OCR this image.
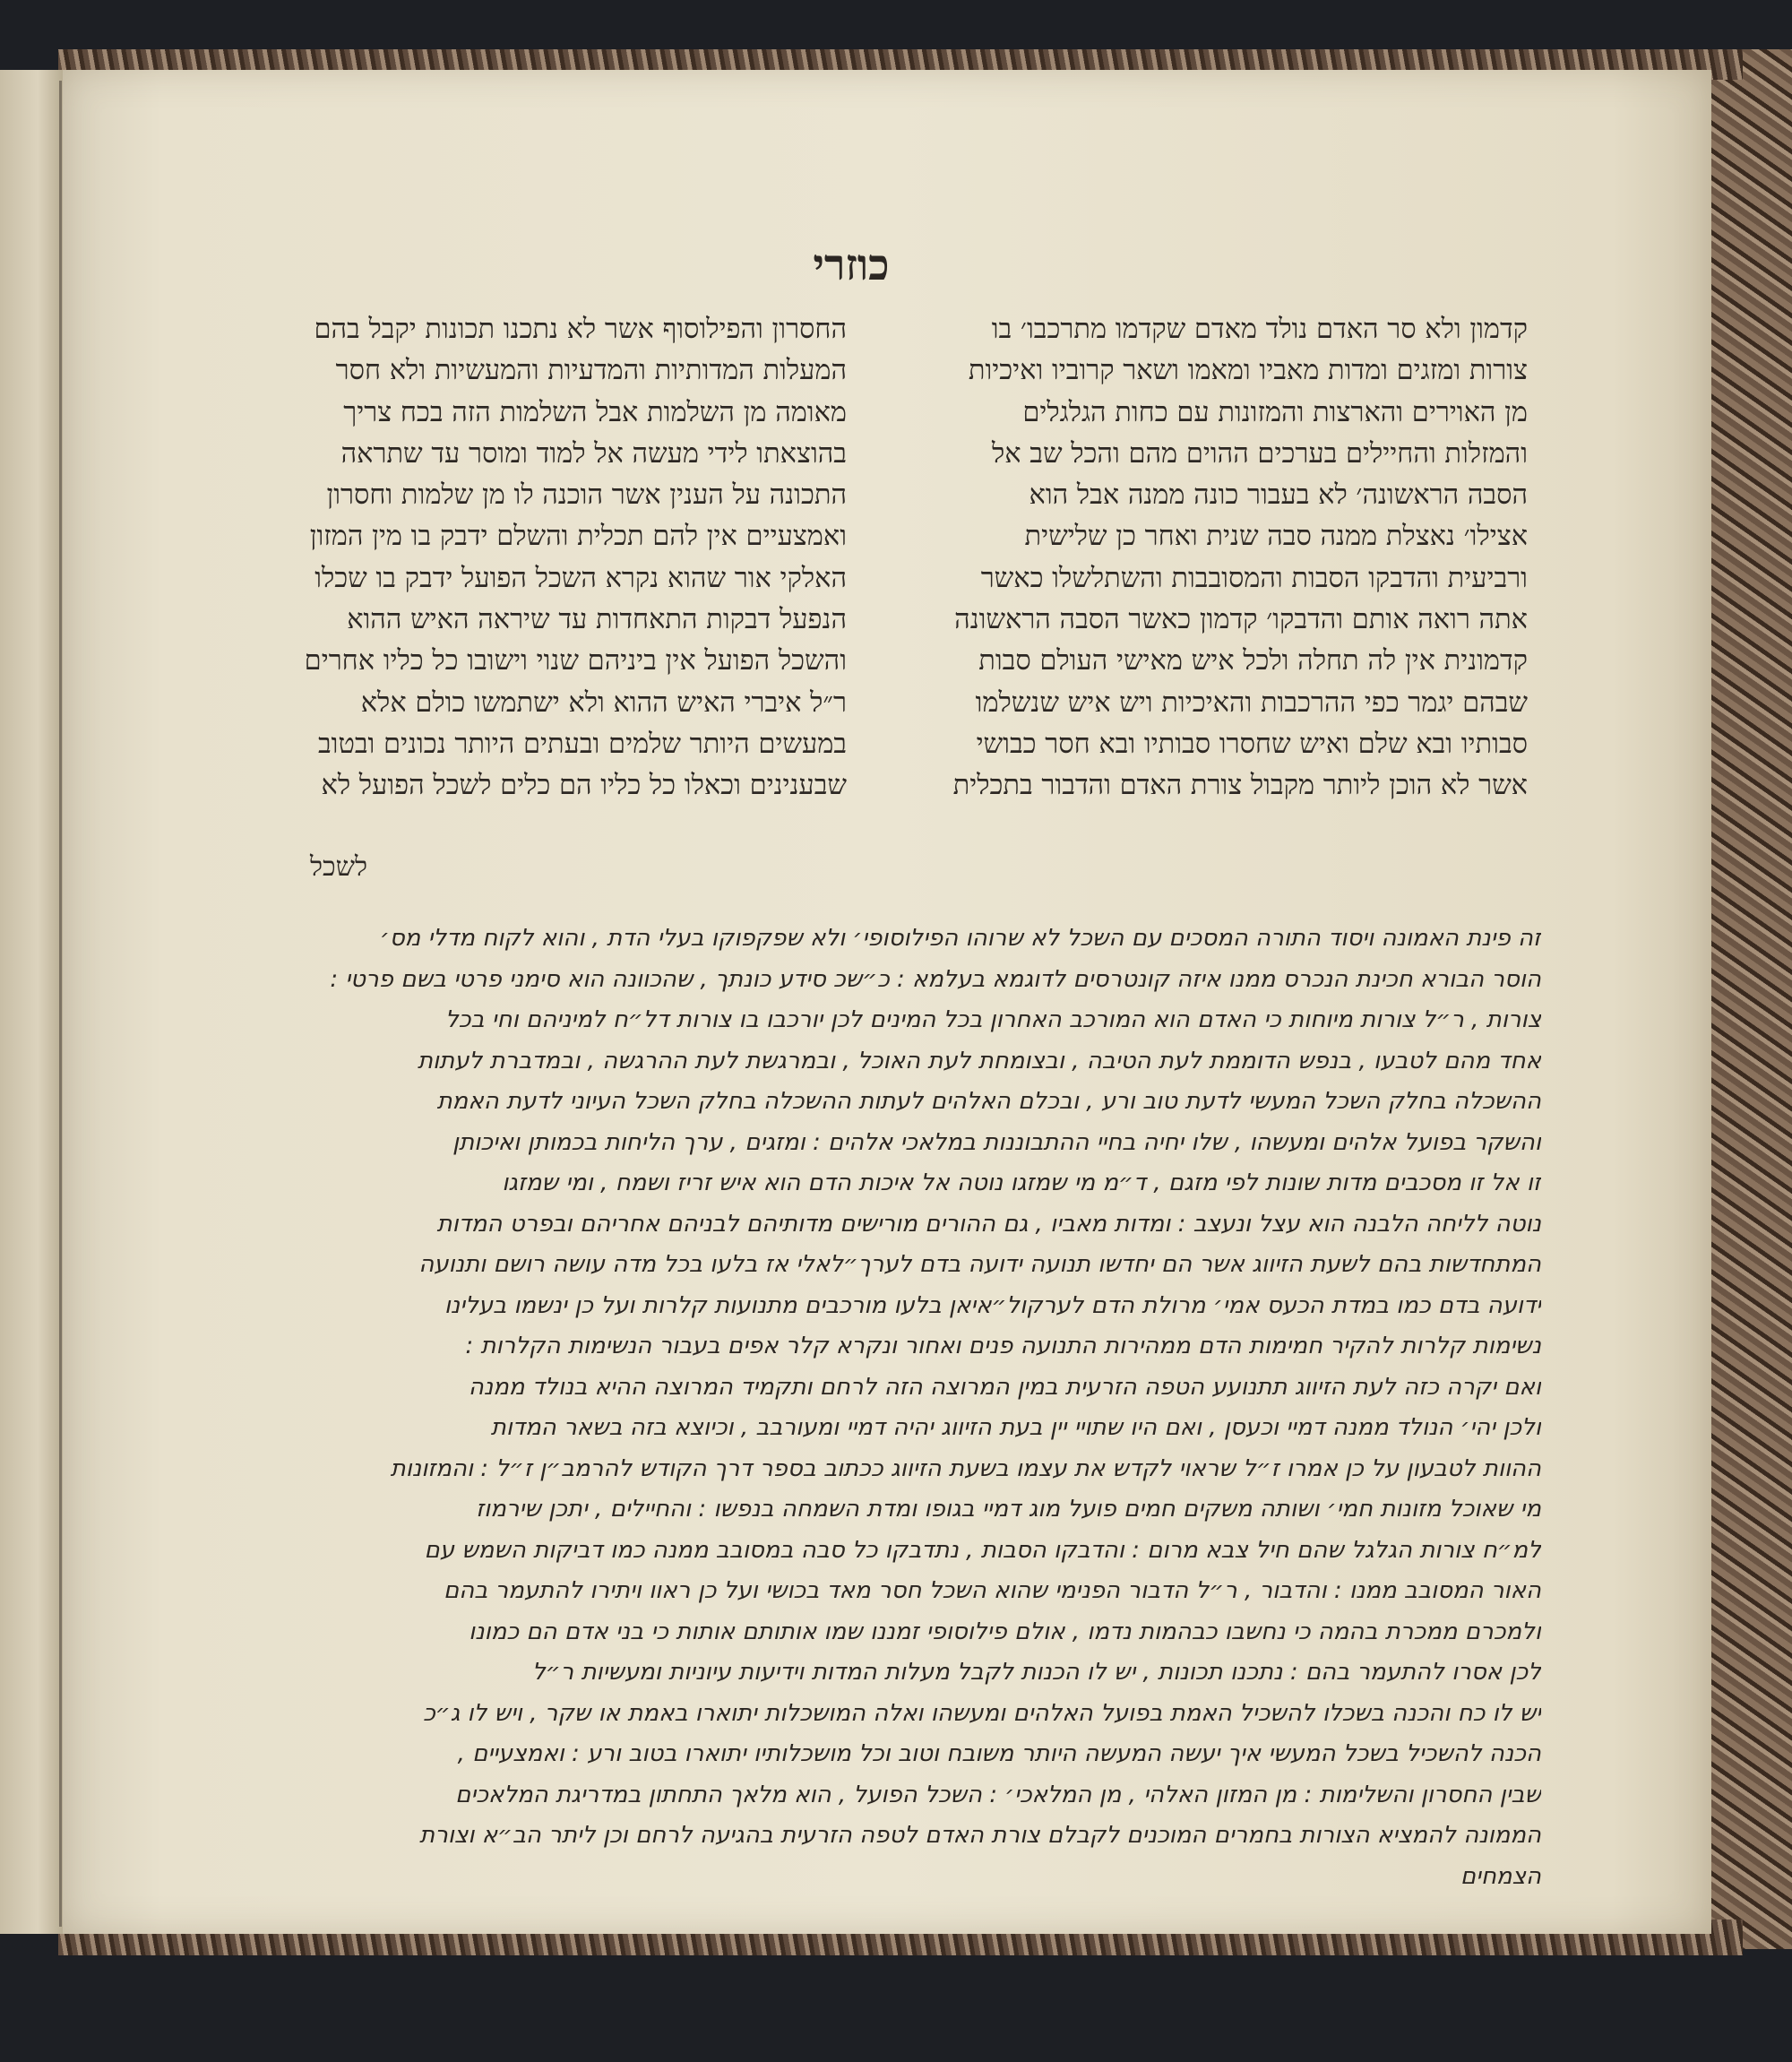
כוזרי

קדמון ולא סר האדם נולד מאדם שקדמו מתרכבו׳ בו

צורות ומזגים ומדות מאביו ומאמו ושאר קרוביו ואיכיות

מן האוירים והארצות והמזונות עם כחות הגלגלים

והמזלות והחיילים בערכים ההוים מהם והכל שב אל

הסבה הראשונה׳ לא בעבור כונה ממנה אבל הוא

אצילו׳ נאצלת ממנה סבה שנית ואחר כן שלישית

ורביעית והדבקו הסבות והמסובבות והשתלשלו כאשר

אתה רואה אותם והדבקו׳ קדמון כאשר הסבה הראשונה

קדמונית אין לה תחלה ולכל איש מאישי העולם סבות

שבהם יגמר כפי ההרכבות והאיכיות ויש איש שנשלמו

סבותיו ובא שלם ואיש שחסרו סבותיו ובא חסר כבושי

אשר לא הוכן ליותר מקבול צורת האדם והדבור בתכלית

החסרון והפילוסוף אשר לא נתכנו תכונות יקבל בהם

המעלות המדותיות והמדעיות והמעשיות ולא חסר

מאומה מן השלמות אבל השלמות הזה בכח צריך

בהוצאתו לידי מעשה אל למוד ומוסר עד שתראה

התכונה על הענין אשר הוכנה לו מן שלמות וחסרון

ואמצעיים אין להם תכלית והשלם ידבק בו מין המזון

האלקי אור שהוא נקרא השכל הפועל ידבק בו שכלו

הנפעל דבקות התאחדות עד שיראה האיש ההוא

והשכל הפועל אין ביניהם שנוי וישובו כל כליו אחרים

ר״ל איברי האיש ההוא ולא ישתמשו כולם אלא

במעשים היותר שלמים ובעתים היותר נכונים ובטוב

שבענינים וכאלו כל כליו הם כלים לשכל הפועל לא

לשכל

זה פינת האמונה ויסוד התורה המסכים עם השכל לא שרוהו הפילוסופי׳ ולא שפקפוקו בעלי הדת , והוא לקוח מדלי מס׳

הוסר הבורא חכינת הנכרס ממנו איזה קונטרסים לדוגמא בעלמא : כ״שכ סידע כונתך , שהכוונה הוא סימני פרטי בשם פרטי :

צורות , ר״ל צורות מיוחות כי האדם הוא המורכב האחרון בכל המינים לכן יורכבו בו צורות דל״ח למיניהם וחי בכל

אחד מהם לטבעו , בנפש הדוממת לעת הטיבה , ובצומחת לעת האוכל , ובמרגשת לעת ההרגשה , ובמדברת לעתות

ההשכלה בחלק השכל המעשי לדעת טוב ורע , ובכלם האלהים לעתות ההשכלה בחלק השכל העיוני לדעת האמת

והשקר בפועל אלהים ומעשהו , שלו יחיה בחיי ההתבוננות במלאכי אלהים : ומזגים , ערך הליחות בכמותן ואיכותן

זו אל זו מסכבים מדות שונות לפי מזגם , ד״מ מי שמזגו נוטה אל איכות הדם הוא איש זריז ושמח , ומי שמזגו

נוטה לליחה הלבנה הוא עצל ונעצב : ומדות מאביו , גם ההורים מורישים מדותיהם לבניהם אחריהם ובפרט המדות

המתחדשות בהם לשעת הזיווג אשר הם יחדשו תנועה ידועה בדם לערך״לאלי אז בלעו בכל מדה עושה רושם ותנועה

ידועה בדם כמו במדת הכעס אמי׳ מרולת הדם לערקול״איאן בלעו מורכבים מתנועות קלרות ועל כן ינשמו בעלינו

נשימות קלרות להקיר חמימות הדם ממהירות התנועה פנים ואחור ונקרא קלר אפים בעבור הנשימות הקלרות :

ואם יקרה כזה לעת הזיווג תתנועע הטפה הזרעית במין המרוצה הזה לרחם ותקמיד המרוצה ההיא בנולד ממנה

ולכן יהי׳ הנולד ממנה דמיי וכעסן , ואם היו שתויי יין בעת הזיווג יהיה דמיי ומעורבב , וכיוצא בזה בשאר המדות

ההוות לטבעון על כן אמרו ז״ל שראוי לקדש את עצמו בשעת הזיווג ככתוב בספר דרך הקודש להרמב״ן ז״ל : והמזונות

מי שאוכל מזונות חמי׳ ושותה משקים חמים פועל מוג דמיי בגופו ומדת השמחה בנפשו : והחיילים , יתכן שירמוז

למ״ח צורות הגלגל שהם חיל צבא מרום : והדבקו הסבות , נתדבקו כל סבה במסובב ממנה כמו דביקות השמש עם

האור המסובב ממנו : והדבור , ר״ל הדבור הפנימי שהוא השכל חסר מאד בכושי ועל כן ראוו ויתירו להתעמר בהם

ולמכרם ממכרת בהמה כי נחשבו כבהמות נדמו , אולם פילוסופי זמננו שמו אותותם אותות כי בני אדם הם כמונו

לכן אסרו להתעמר בהם : נתכנו תכונות , יש לו הכנות לקבל מעלות המדות וידיעות עיוניות ומעשיות ר״ל

יש לו כח והכנה בשכלו להשכיל האמת בפועל האלהים ומעשהו ואלה המושכלות יתוארו באמת או שקר , ויש לו ג״כ

הכנה להשכיל בשכל המעשי איך יעשה המעשה היותר משובח וטוב וכל מושכלותיו יתוארו בטוב ורע : ואמצעיים ,

שבין החסרון והשלימות : מן המזון האלהי , מן המלאכי׳ : השכל הפועל , הוא מלאך התחתון במדריגת המלאכים

הממונה להמציא הצורות בחמרים המוכנים לקבלם צורת האדם לטפה הזרעית בהגיעה לרחם וכן ליתר הב״א וצורת

הצמחים
